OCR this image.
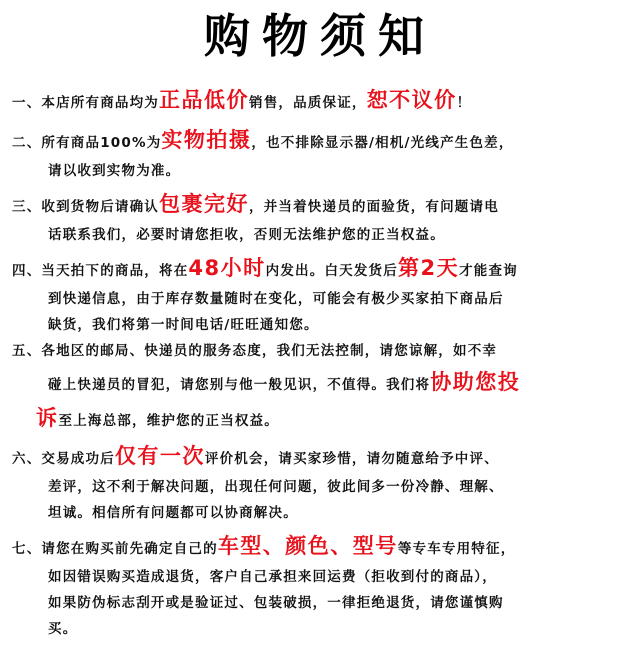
购物须知
一、本店所有商品均为正品低价销售，品质保证，恕不议价！
二、所有商品100%为实物拍摄，也不排除显示器/相机/光线产生色差，
请以收到实物为准。
三、收到货物后请确认包裹完好，并当着快递员的面验货，有问题请电
话联系我们，必要时请您拒收，否则无法维护您的正当权益。
四、当天拍下的商品，将在48小时内发出。白天发货后第2天才能查询
到快递信息，由于库存数量随时在变化，可能会有极少买家拍下商品后
缺货，我们将第一时间电话/旺旺通知您。
五、各地区的邮局、快递员的服务态度，我们无法控制，请您谅解，如不幸
碰上快递员的冒犯，请您别与他一般见识，不值得。我们将协助您投
诉至上海总部，维护您的正当权益。
六、交易成功后仅有一次评价机会，请买家珍惜，请勿随意给予中评、
差评，这不利于解决问题，出现任何问题，彼此间多一份冷静、理解、
坦诚。相信所有问题都可以协商解决。
七、请您在购买前先确定自己的车型、颜色、型号等专车专用特征，
如因错误购买造成退货，客户自己承担来回运费（拒收到付的商品），
如果防伪标志刮开或是验证过、包装破损，一律拒绝退货，请您谨慎购
买。
